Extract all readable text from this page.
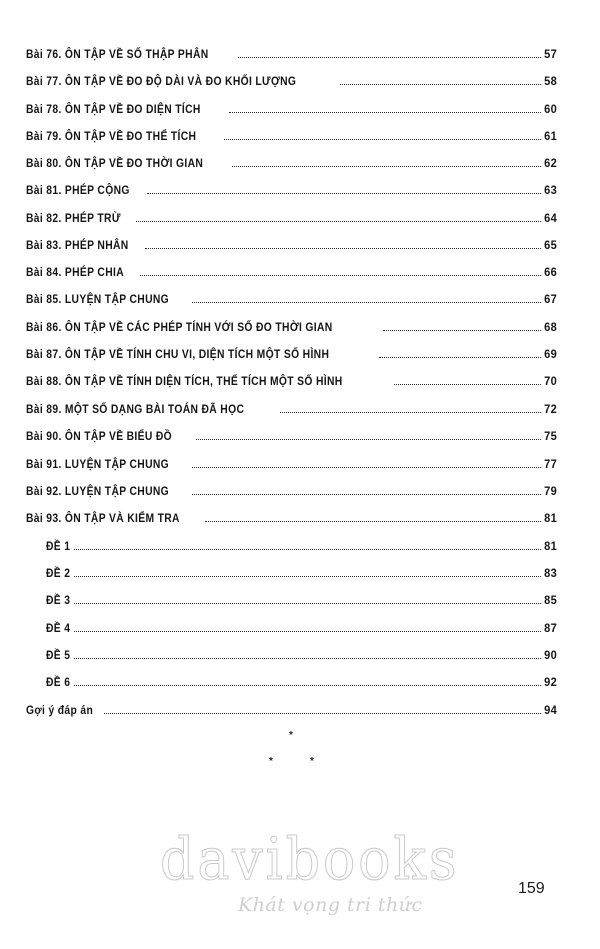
Bài 76. ÔN TẬP VỀ SỐ THẬP PHÂN	57
Bài 77. ÔN TẬP VỀ ĐO ĐỘ DÀI VÀ ĐO KHỐI LƯỢNG	58
Bài 78. ÔN TẬP VỀ ĐO DIỆN TÍCH	60
Bài 79. ÔN TẬP VỀ ĐO THỂ TÍCH	61
Bài 80. ÔN TẬP VỀ ĐO THỜI GIAN	62
Bài 81. PHÉP CỘNG	63
Bài 82. PHÉP TRỪ	64
Bài 83. PHÉP NHÂN	65
Bài 84. PHÉP CHIA	66
Bài 85. LUYỆN TẬP CHUNG	67
Bài 86. ÔN TẬP VỀ CÁC PHÉP TÍNH VỚI SỐ ĐO THỜI GIAN	68
Bài 87. ÔN TẬP VỀ TÍNH CHU VI, DIỆN TÍCH MỘT SỐ HÌNH	69
Bài 88. ÔN TẬP VỀ TÍNH DIỆN TÍCH, THỂ TÍCH MỘT SỐ HÌNH	70
Bài 89. MỘT SỐ DẠNG BÀI TOÁN ĐÃ HỌC	72
Bài 90. ÔN TẬP VỀ BIỂU ĐỒ	75
Bài 91. LUYỆN TẬP CHUNG	77
Bài 92. LUYỆN TẬP CHUNG	79
Bài 93. ÔN TẬP VÀ KIỂM TRA	81
ĐỀ 1	81
ĐỀ 2	83
ĐỀ 3	85
ĐỀ 4	87
ĐỀ 5	90
ĐỀ 6	92
Gợi ý đáp án	94
*
*	*
davibooks
Khát vọng tri thức
159
